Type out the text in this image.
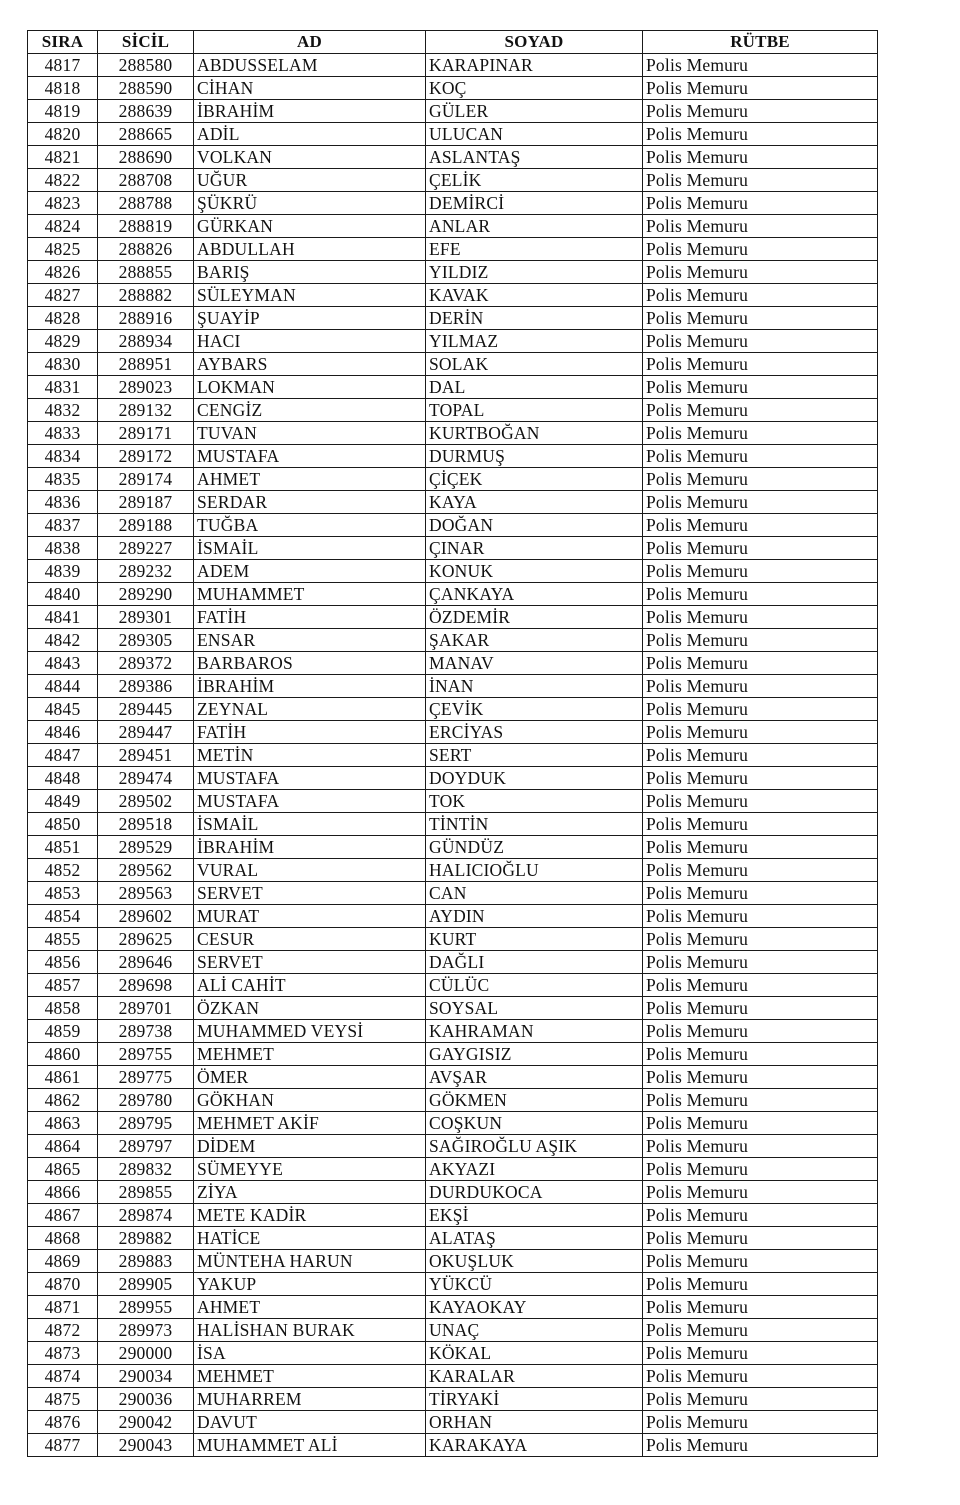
SIRA	SİCİL	AD	SOYAD	RÜTBE
4817	288580	ABDUSSELAM	KARAPINAR	Polis Memuru
4818	288590	CİHAN	KOÇ	Polis Memuru
4819	288639	İBRAHİM	GÜLER	Polis Memuru
4820	288665	ADİL	ULUCAN	Polis Memuru
4821	288690	VOLKAN	ASLANTAŞ	Polis Memuru
4822	288708	UĞUR	ÇELİK	Polis Memuru
4823	288788	ŞÜKRÜ	DEMİRCİ	Polis Memuru
4824	288819	GÜRKAN	ANLAR	Polis Memuru
4825	288826	ABDULLAH	EFE	Polis Memuru
4826	288855	BARIŞ	YILDIZ	Polis Memuru
4827	288882	SÜLEYMAN	KAVAK	Polis Memuru
4828	288916	ŞUAYİP	DERİN	Polis Memuru
4829	288934	HACI	YILMAZ	Polis Memuru
4830	288951	AYBARS	SOLAK	Polis Memuru
4831	289023	LOKMAN	DAL	Polis Memuru
4832	289132	CENGİZ	TOPAL	Polis Memuru
4833	289171	TUVAN	KURTBOĞAN	Polis Memuru
4834	289172	MUSTAFA	DURMUŞ	Polis Memuru
4835	289174	AHMET	ÇİÇEK	Polis Memuru
4836	289187	SERDAR	KAYA	Polis Memuru
4837	289188	TUĞBA	DOĞAN	Polis Memuru
4838	289227	İSMAİL	ÇINAR	Polis Memuru
4839	289232	ADEM	KONUK	Polis Memuru
4840	289290	MUHAMMET	ÇANKAYA	Polis Memuru
4841	289301	FATİH	ÖZDEMİR	Polis Memuru
4842	289305	ENSAR	ŞAKAR	Polis Memuru
4843	289372	BARBAROS	MANAV	Polis Memuru
4844	289386	İBRAHİM	İNAN	Polis Memuru
4845	289445	ZEYNAL	ÇEVİK	Polis Memuru
4846	289447	FATİH	ERCİYAS	Polis Memuru
4847	289451	METİN	SERT	Polis Memuru
4848	289474	MUSTAFA	DOYDUK	Polis Memuru
4849	289502	MUSTAFA	TOK	Polis Memuru
4850	289518	İSMAİL	TİNTİN	Polis Memuru
4851	289529	İBRAHİM	GÜNDÜZ	Polis Memuru
4852	289562	VURAL	HALICIOĞLU	Polis Memuru
4853	289563	SERVET	CAN	Polis Memuru
4854	289602	MURAT	AYDIN	Polis Memuru
4855	289625	CESUR	KURT	Polis Memuru
4856	289646	SERVET	DAĞLI	Polis Memuru
4857	289698	ALİ CAHİT	CÜLÜC	Polis Memuru
4858	289701	ÖZKAN	SOYSAL	Polis Memuru
4859	289738	MUHAMMED VEYSİ	KAHRAMAN	Polis Memuru
4860	289755	MEHMET	GAYGISIZ	Polis Memuru
4861	289775	ÖMER	AVŞAR	Polis Memuru
4862	289780	GÖKHAN	GÖKMEN	Polis Memuru
4863	289795	MEHMET AKİF	COŞKUN	Polis Memuru
4864	289797	DİDEM	SAĞIROĞLU AŞIK	Polis Memuru
4865	289832	SÜMEYYE	AKYAZI	Polis Memuru
4866	289855	ZİYA	DURDUKOCA	Polis Memuru
4867	289874	METE KADİR	EKŞİ	Polis Memuru
4868	289882	HATİCE	ALATAŞ	Polis Memuru
4869	289883	MÜNTEHA HARUN	OKUŞLUK	Polis Memuru
4870	289905	YAKUP	YÜKCÜ	Polis Memuru
4871	289955	AHMET	KAYAOKAY	Polis Memuru
4872	289973	HALİSHAN BURAK	UNAÇ	Polis Memuru
4873	290000	İSA	KÖKAL	Polis Memuru
4874	290034	MEHMET	KARALAR	Polis Memuru
4875	290036	MUHARREM	TİRYAKİ	Polis Memuru
4876	290042	DAVUT	ORHAN	Polis Memuru
4877	290043	MUHAMMET ALİ	KARAKAYA	Polis Memuru
